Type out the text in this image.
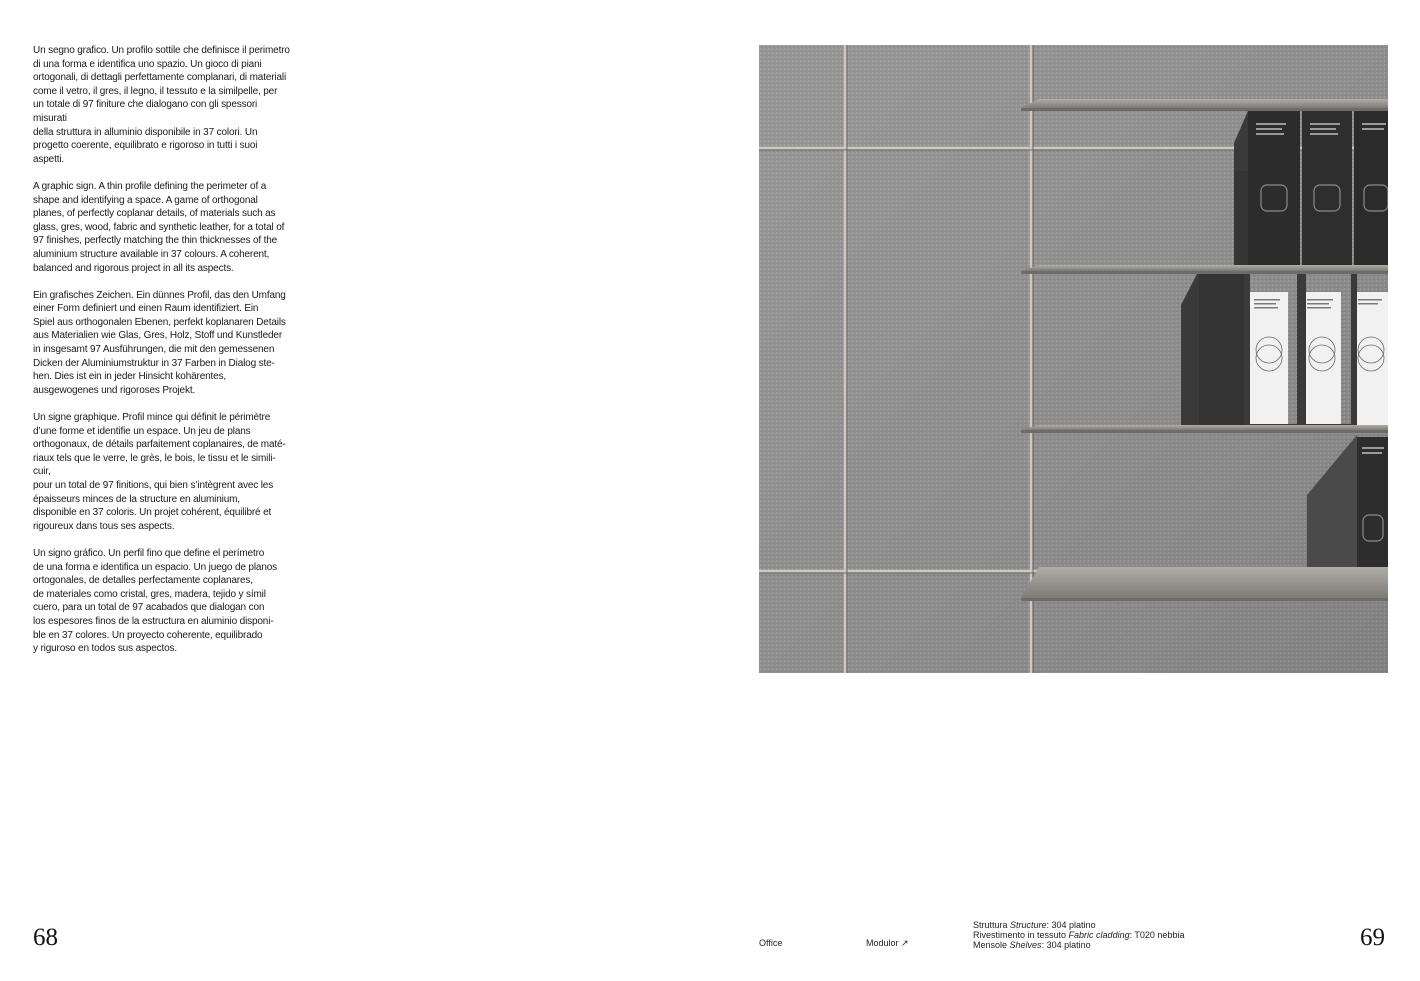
Un segno grafico. Un profilo sottile che definisce il perimetro
di una forma e identifica uno spazio. Un gioco di piani
ortogonali, di dettagli perfettamente complanari, di materiali
come il vetro, il gres, il legno, il tessuto e la similpelle, per
un totale di 97 finiture che dialogano con gli spessori misurati
della struttura in alluminio disponibile in 37 colori. Un
progetto coerente, equilibrato e rigoroso in tutti i suoi aspetti.

A graphic sign. A thin profile defining the perimeter of a
shape and identifying a space. A game of orthogonal
planes, of perfectly coplanar details, of materials such as
glass, gres, wood, fabric and synthetic leather, for a total of
97 finishes, perfectly matching the thin thicknesses of the
aluminium structure available in 37 colours. A coherent,
balanced and rigorous project in all its aspects.

Ein grafisches Zeichen. Ein dünnes Profil, das den Umfang
einer Form definiert und einen Raum identifiziert. Ein
Spiel aus orthogonalen Ebenen, perfekt koplanaren Details
aus Materialien wie Glas, Gres, Holz, Stoff und Kunstleder
in insgesamt 97 Ausführungen, die mit den gemessenen
Dicken der Aluminiumstruktur in 37 Farben in Dialog ste-
hen. Dies ist ein in jeder Hinsicht kohärentes,
ausgewogenes und rigoroses Projekt.

Un signe graphique. Profil mince qui définit le périmètre
d’une forme et identifie un espace. Un jeu de plans
orthogonaux, de détails parfaitement coplanaires, de maté-
riaux tels que le verre, le grès, le bois, le tissu et le simili-cuir,
pour un total de 97 finitions, qui bien s’intègrent avec les
épaisseurs minces de la structure en aluminium,
disponible en 37 coloris. Un projet cohérent, équilibré et
rigoureux dans tous ses aspects.

Un signo gráfico. Un perfil fino que define el perímetro
de una forma e identifica un espacio. Un juego de planos
ortogonales, de detalles perfectamente coplanares,
de materiales como cristal, gres, madera, tejido y símil
cuero, para un total de 97 acabados que dialogan con
los espesores finos de la estructura en aluminio disponi-
ble en 37 colores. Un proyecto coherente, equilibrado
y riguroso en todos sus aspectos.

68	Office	Modulor ↗
Struttura Structure: 304 platino
Rivestimento in tessuto Fabric cladding: T020 nebbia
Mensole Shelves: 304 platino	69
